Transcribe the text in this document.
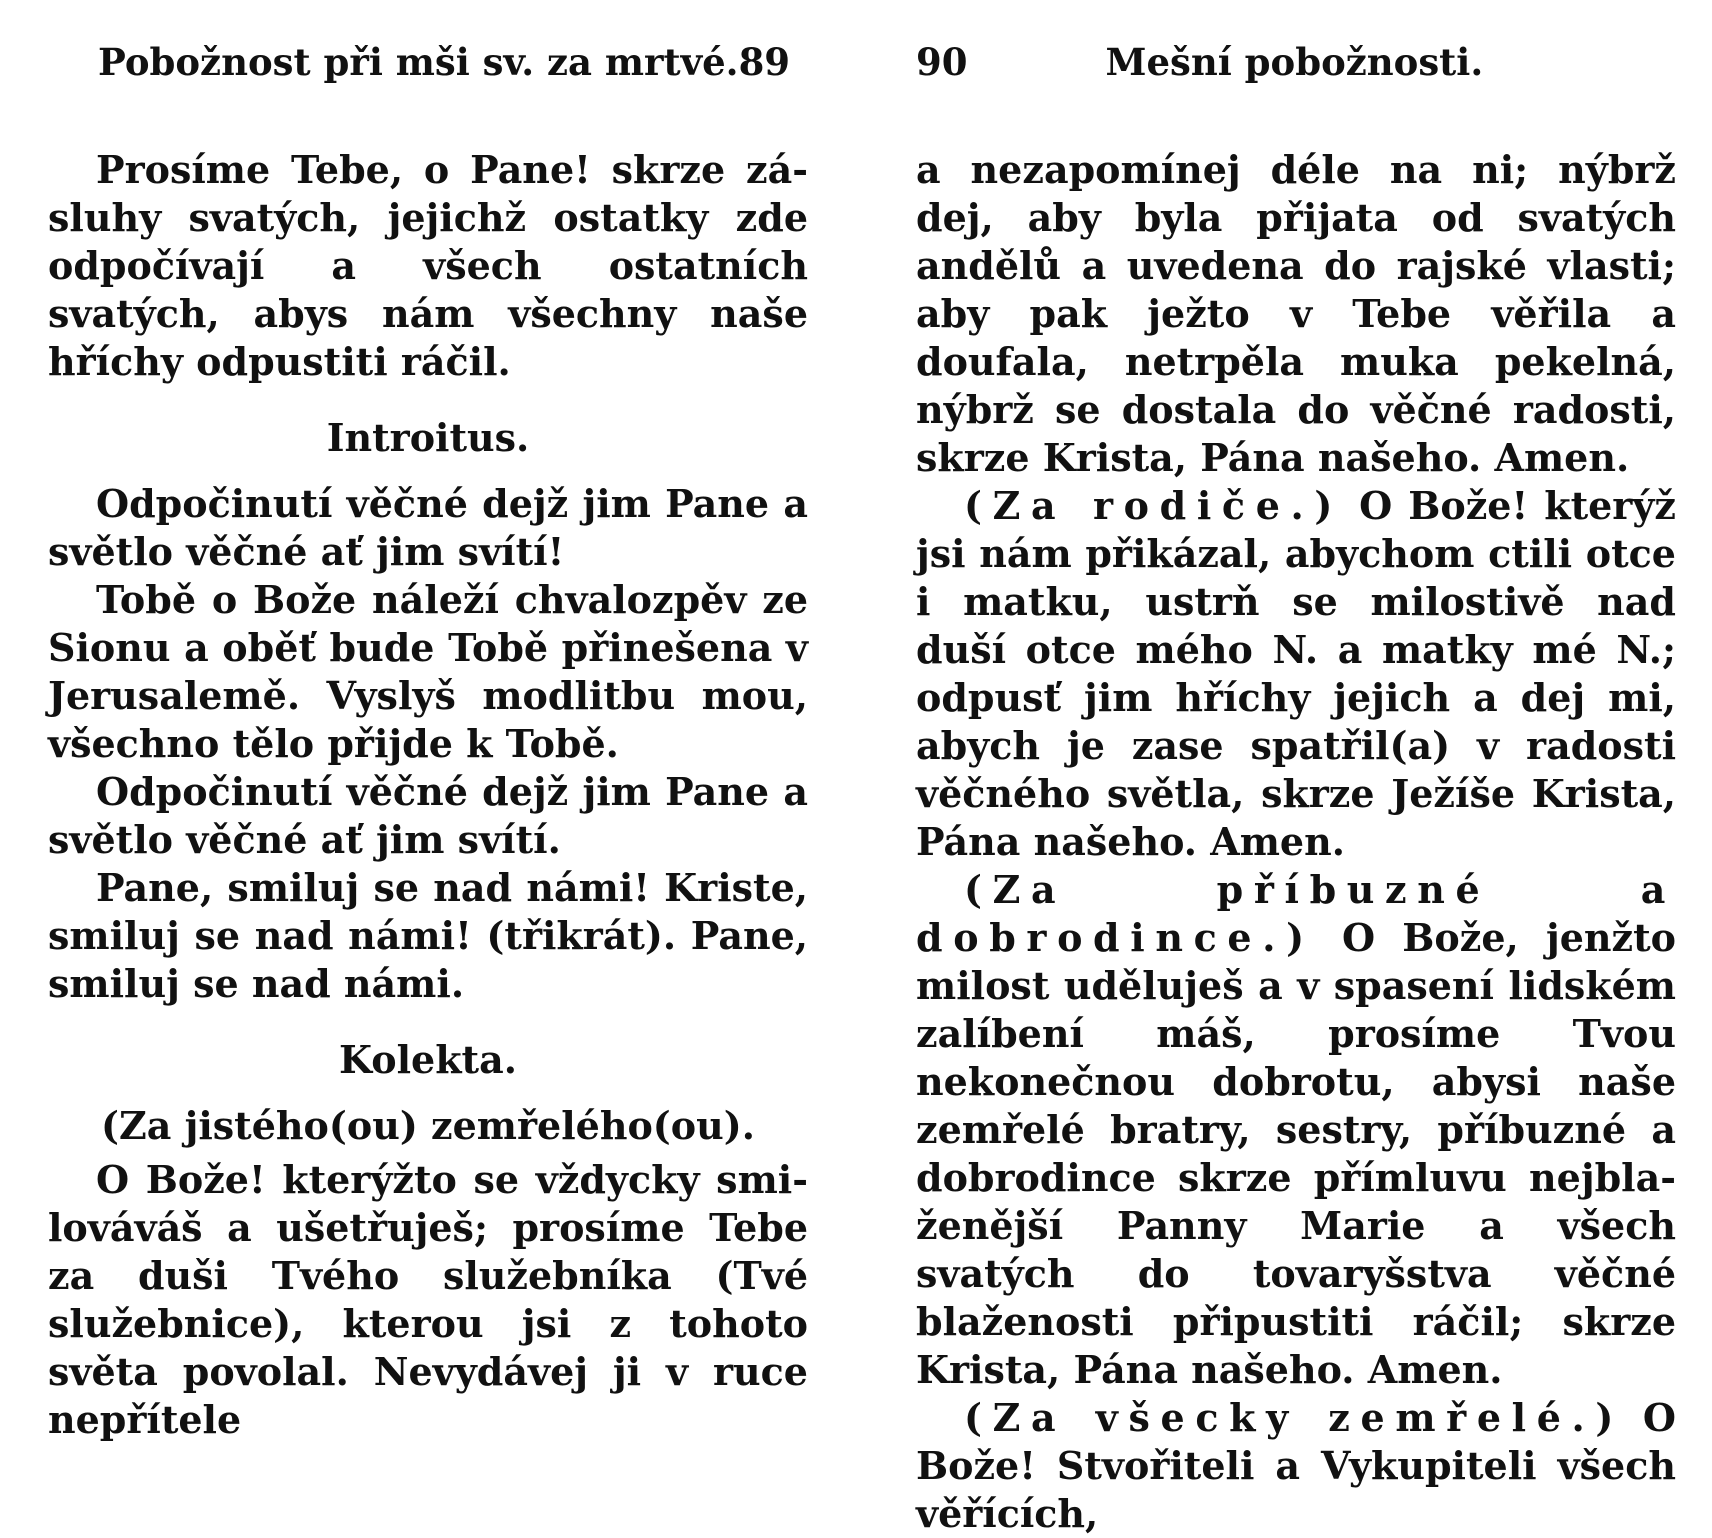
Pobožnost při mši sv. za mrtvé. 89

Prosíme Tebe, o Pane! skrze zásluhy svatých, jejichž ostatky zde odpočívají a všech ostatních svatých, abys nám všechny naše hříchy odpustiti ráčil.

Introitus.

Odpočinutí věčné dejž jim Pane a světlo věčné ať jim svítí!

Tobě o Bože náleží chvalozpěv ze Sionu a oběť bude Tobě přinešena v Jerusalemě. Vyslyš modlitbu mou, všechno tělo přijde k Tobě.

Odpočinutí věčné dejž jim Pane a světlo věčné ať jim svítí.

Pane, smiluj se nad námi! Kriste, smiluj se nad námi! (třikrát). Pane, smiluj se nad námi.

Kolekta.
(Za jistého(ou) zemřelého(ou).

O Bože! kterýžto se vždycky smilováváš a ušetřuješ; prosíme Tebe za duši Tvého služebníka (Tvé služebnice), kterou jsi z tohoto světa povolal. Nevydávej ji v ruce nepřítele

90	Mešní pobožnosti.

a nezapomínej déle na ni; nýbrž dej, aby byla přijata od svatých andělů a uvedena do rajské vlasti; aby pak ježto v Tebe věřila a doufala, netrpěla muka pekelná, nýbrž se dostala do věčné radosti, skrze Krista, Pána našeho. Amen.

(Za rodiče.) O Bože! kterýž jsi nám přikázal, abychom ctili otce i matku, ustrň se milostivě nad duší otce mého N. a matky mé N.; odpusť jim hříchy jejich a dej mi, abych je zase spatřil(a) v radosti věčného světla, skrze Ježíše Krista, Pána našeho. Amen.

(Za příbuzné a dobrodince.) O Bože, jenžto milost uděluješ a v spasení lidském zalíbení máš, prosíme Tvou nekonečnou dobrotu, abysi naše zemřelé bratry, sestry, příbuzné a dobrodince skrze přímluvu nejblaženější Panny Marie a všech svatých do tovaryšstva věčné blaženosti připustiti ráčil; skrze Krista, Pána našeho. Amen.

(Za všecky zemřelé.) O Bože! Stvořiteli a Vykupiteli všech věřících,
